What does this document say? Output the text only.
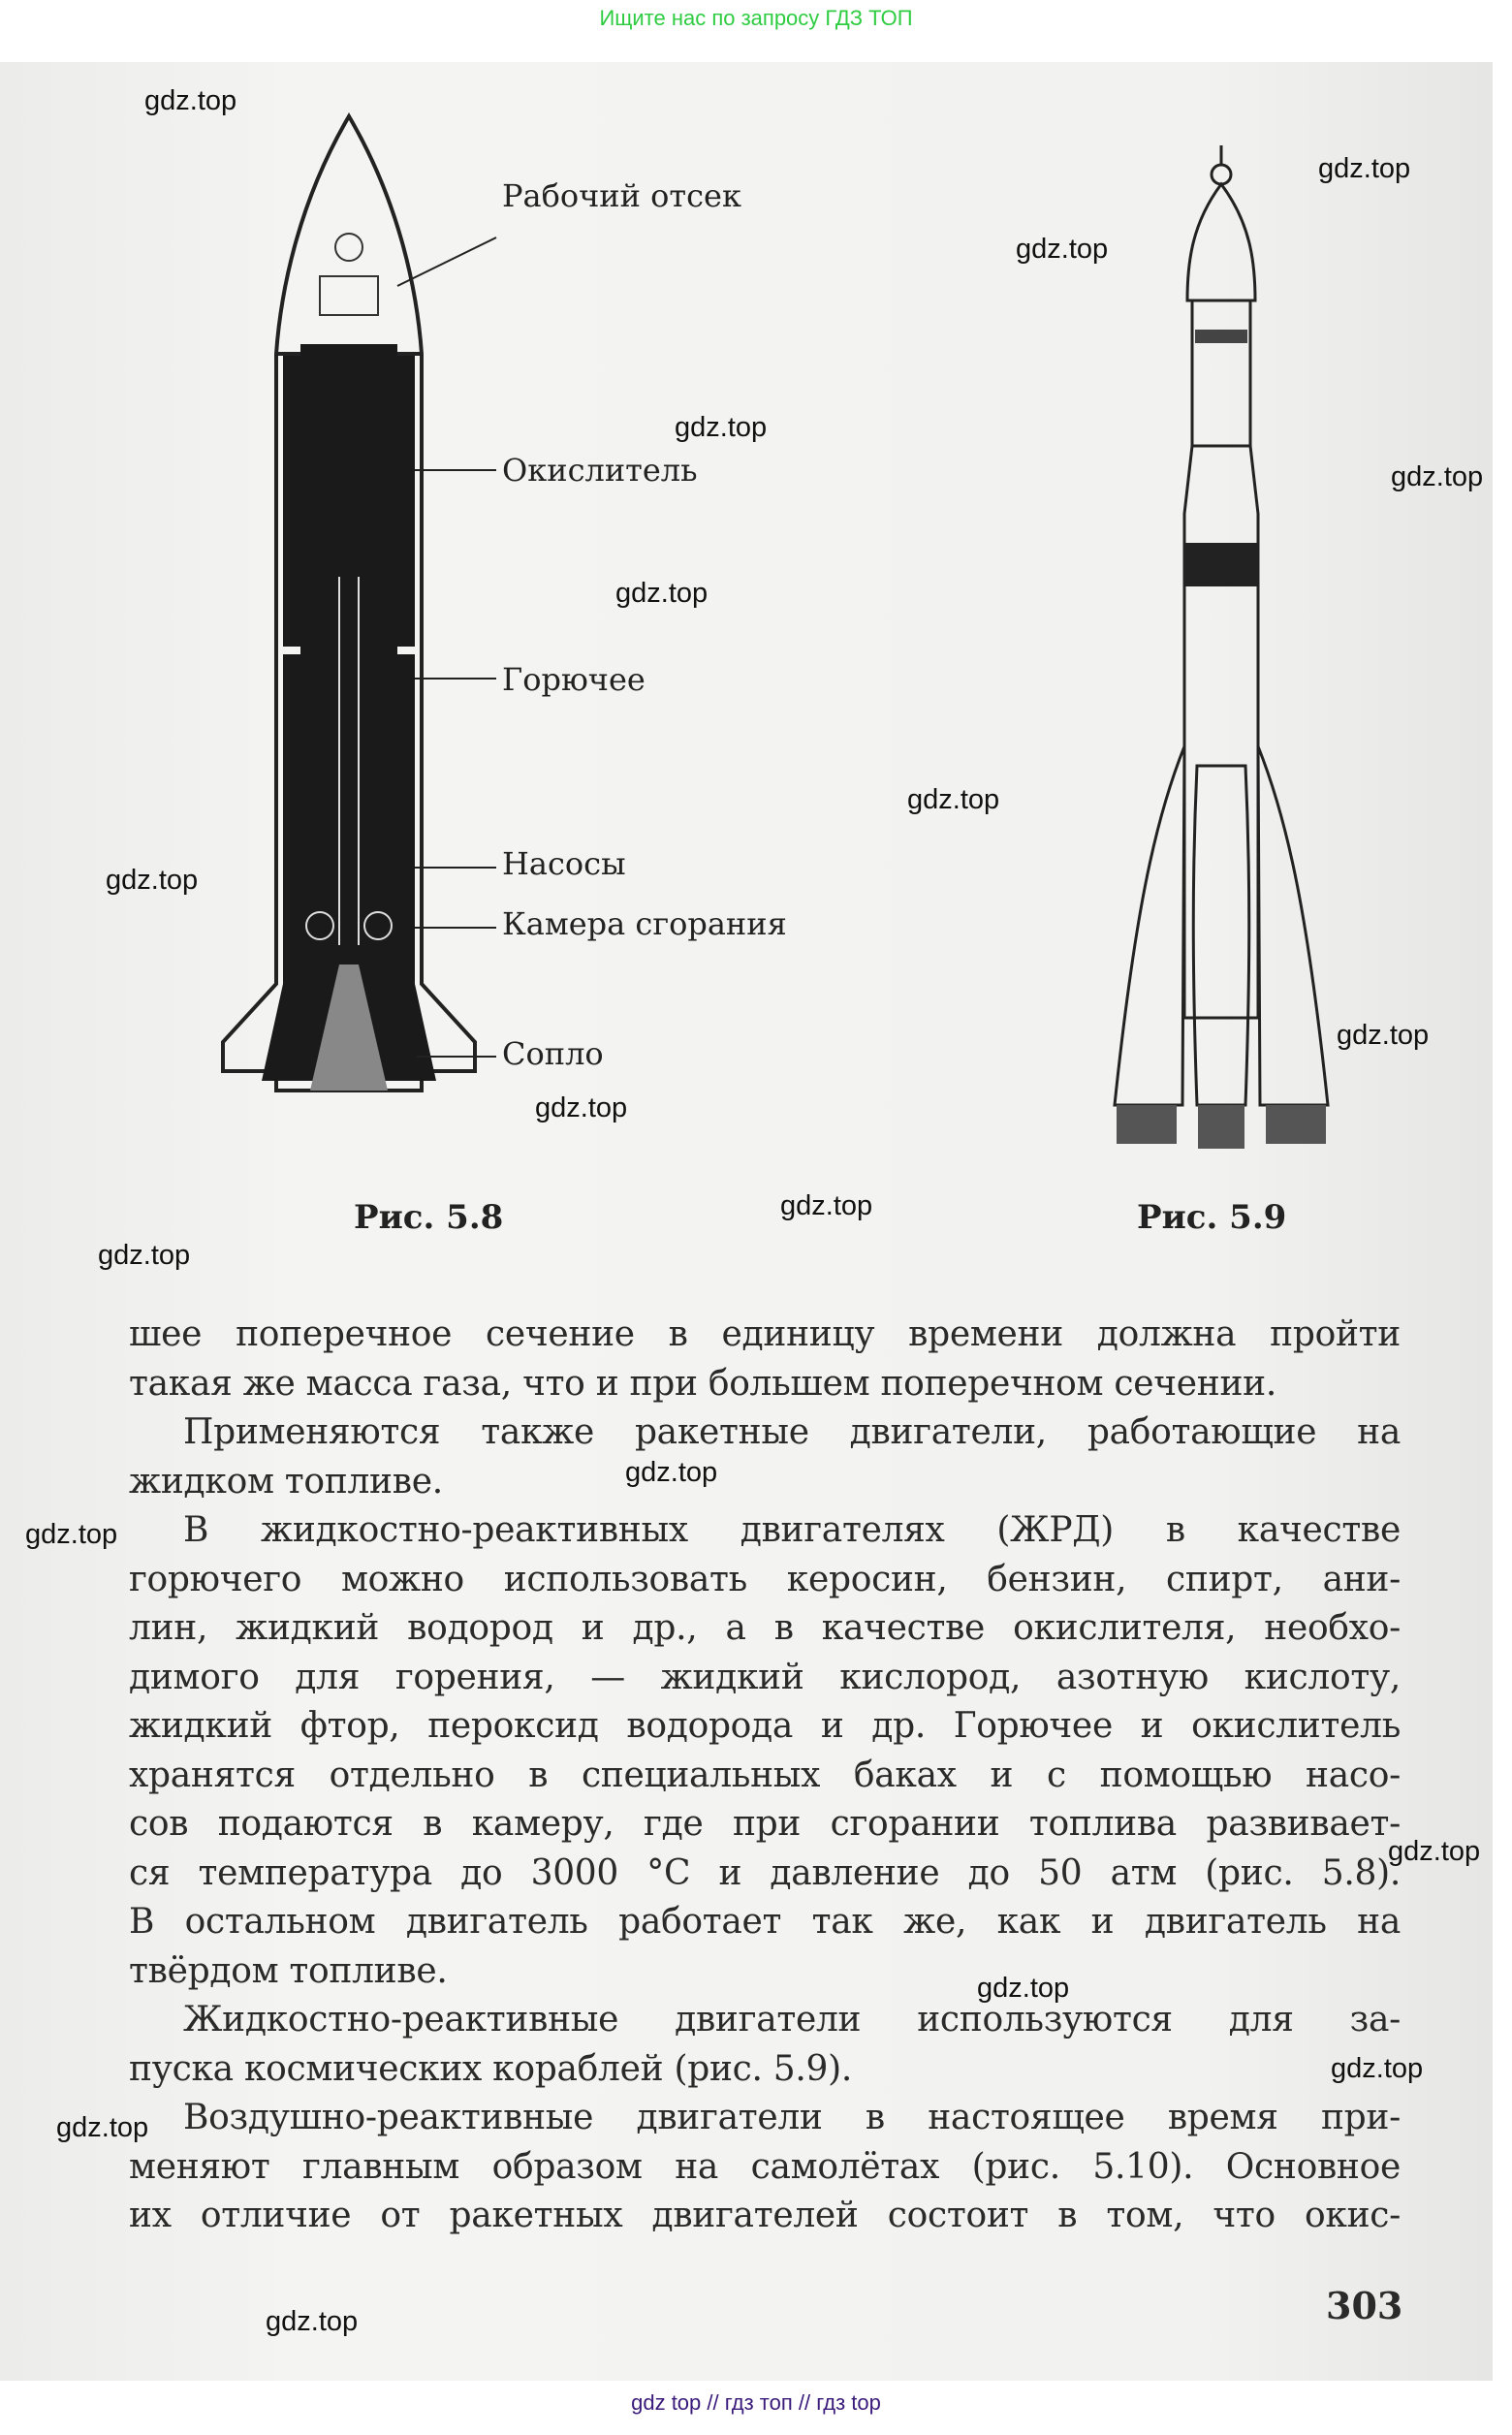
Ищите нас по запросу ГДЗ ТОП
Рабочий отсек
Окислитель
Горючее
Насосы
Камера сгорания
Сопло
Рис. 5.8	Рис. 5.9
шее поперечное сечение в единицу времени должна пройти
такая же масса газа, что и при большем поперечном сечении.
Применяются также ракетные двигатели, работающие на
жидком топливе.
В жидкостно-реактивных двигателях (ЖРД) в качестве
горючего можно использовать керосин, бензин, спирт, ани-
лин, жидкий водород и др., а в качестве окислителя, необхо-
димого для горения, — жидкий кислород, азотную кислоту,
жидкий фтор, пероксид водорода и др. Горючее и окислитель
хранятся отдельно в специальных баках и с помощью насо-
сов подаются в камеру, где при сгорании топлива развивает-
ся температура до 3000 °C и давление до 50 атм (рис. 5.8).
В остальном двигатель работает так же, как и двигатель на
твёрдом топливе.
Жидкостно-реактивные двигатели используются для за-
пуска космических кораблей (рис. 5.9).
Воздушно-реактивные двигатели в настоящее время при-
меняют главным образом на самолётах (рис. 5.10). Основное
их отличие от ракетных двигателей состоит в том, что окис-
303
gdz.top
gdz.top
gdz.top
gdz.top
gdz.top
gdz.top
gdz.top
gdz.top
gdz.top
gdz.top
gdz.top
gdz.top
gdz.top
gdz.top
gdz.top
gdz.top
gdz.top
gdz.top
gdz.top
gdz top // гдз топ // гдз top
